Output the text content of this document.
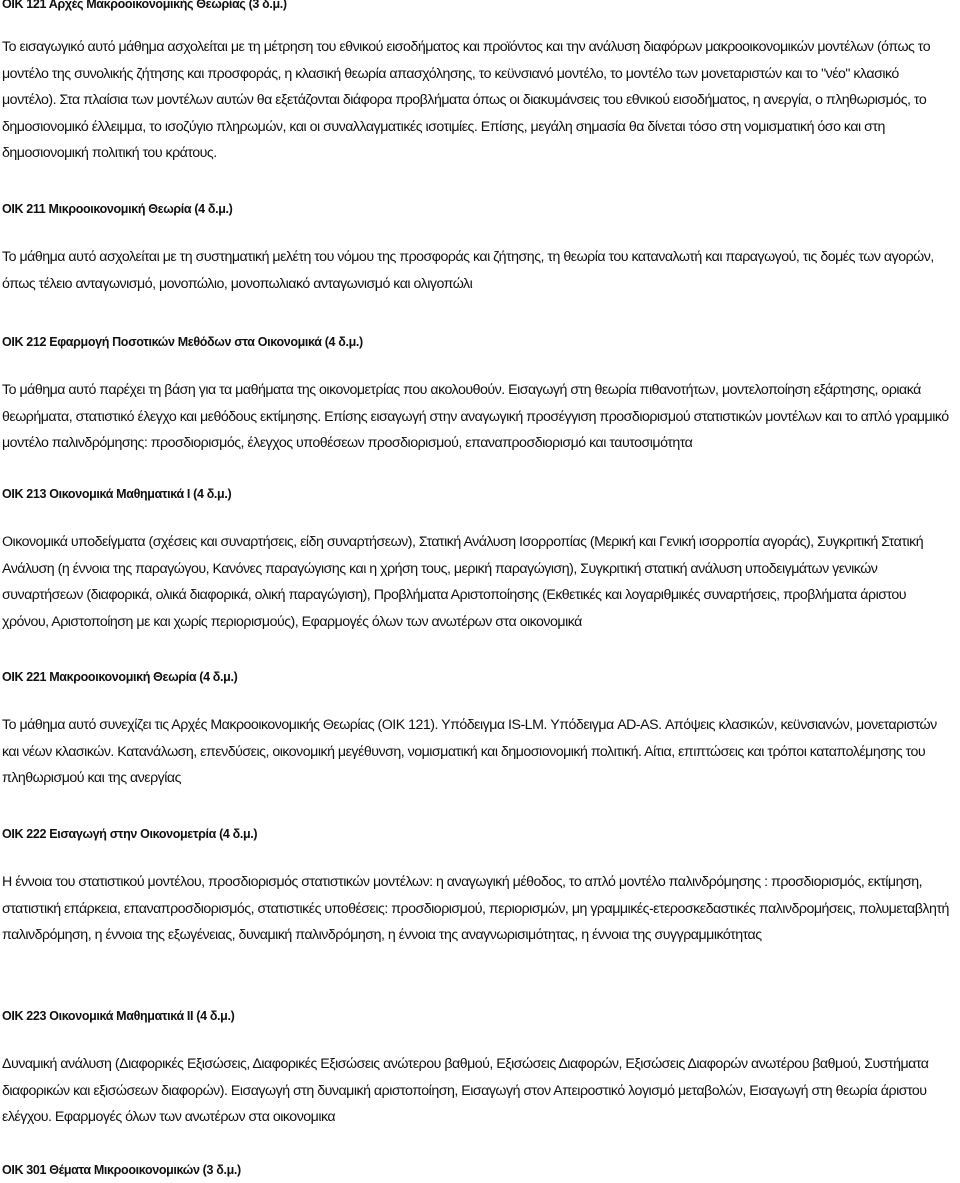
ΟΙΚ 121 Αρχές Μακροοικονομικής Θεωρίας (3 δ.μ.)

Το εισαγωγικό αυτό μάθημα ασχολείται με τη μέτρηση του εθνικού εισοδήματος και προϊόντος και την ανάλυση διαφόρων μακροοικονομικών μοντέλων (όπως το μοντέλο της συνολικής ζήτησης και προσφοράς, η κλασική θεωρία απασχόλησης, το κεϋνσιανό μοντέλο, το μοντέλο των μονεταριστών και το "νέο" κλασικό μοντέλο). Στα πλαίσια των μοντέλων αυτών θα εξετάζονται διάφορα προβλήματα όπως οι διακυμάνσεις του εθνικού εισοδήματος, η ανεργία, ο πληθωρισμός, το δημοσιονομικό έλλειμμα, το ισοζύγιο πληρωμών, και οι συναλλαγματικές ισοτιμίες. Επίσης, μεγάλη σημασία θα δίνεται τόσο στη νομισματική όσο και στη δημοσιονομική πολιτική του κράτους.

ΟΙΚ 211 Μικροοικονομική Θεωρία (4 δ.μ.)

Το μάθημα αυτό ασχολείται με τη συστηματική μελέτη του νόμου της προσφοράς και ζήτησης, τη θεωρία του καταναλωτή και παραγωγού, τις δομές των αγορών, όπως τέλειο ανταγωνισμό, μονοπώλιο, μονοπωλιακό ανταγωνισμό και ολιγοπώλι

ΟΙΚ 212 Εφαρμογή Ποσοτικών Μεθόδων στα Οικονομικά (4 δ.μ.)

Το μάθημα αυτό παρέχει τη βάση για τα μαθήματα της οικονομετρίας που ακολουθούν. Εισαγωγή στη θεωρία πιθανοτήτων, μοντελοποίηση εξάρτησης, οριακά θεωρήματα, στατιστικό έλεγχο και μεθόδους εκτίμησης. Επίσης εισαγωγή στην αναγωγική προσέγγιση προσδιορισμού στατιστικών μοντέλων και το απλό γραμμικό μοντέλο παλινδρόμησης: προσδιορισμός, έλεγχος υποθέσεων προσδιορισμού, επαναπροσδιορισμό και ταυτοσιμότητα

ΟΙΚ 213 Οικονομικά Μαθηματικά Ι (4 δ.μ.)

Οικονομικά υποδείγματα (σχέσεις και συναρτήσεις, είδη συναρτήσεων), Στατική Ανάλυση Ισορροπίας (Μερική και Γενική ισορροπία αγοράς), Συγκριτική Στατική Ανάλυση (η έννοια της παραγώγου, Κανόνες παραγώγισης και η χρήση τους, μερική παραγώγιση), Συγκριτική στατική ανάλυση υποδειγμάτων γενικών συναρτήσεων (διαφορικά, ολικά διαφορικά, ολική παραγώγιση), Προβλήματα Αριστοποίησης (Εκθετικές και λογαριθμικές συναρτήσεις, προβλήματα άριστου χρόνου, Αριστοποίηση με και χωρίς περιορισμούς), Εφαρμογές όλων των ανωτέρων στα οικονομικά

ΟΙΚ 221 Μακροοικονομική Θεωρία (4 δ.μ.)

Το μάθημα αυτό συνεχίζει τις Αρχές Μακροοικονομικής Θεωρίας (ΟΙΚ 121). Υπόδειγμα IS-LM. Υπόδειγμα AD-AS. Απόψεις κλασικών, κεϋνσιανών, μονεταριστών και νέων κλασικών. Κατανάλωση, επενδύσεις, οικονομική μεγέθυνση, νομισματική και δημοσιονομική πολιτική. Αίτια, επιπτώσεις και τρόποι καταπολέμησης του πληθωρισμού και της ανεργίας

ΟΙΚ 222 Εισαγωγή στην Οικονομετρία (4 δ.μ.)

Η έννοια του στατιστικού μοντέλου, προσδιορισμός στατιστικών μοντέλων: η αναγωγική μέθοδος, το απλό μοντέλο παλινδρόμησης : προσδιορισμός, εκτίμηση, στατιστική επάρκεια, επαναπροσδιορισμός, στατιστικές υποθέσεις: προσδιορισμού, περιορισμών, μη γραμμικές-ετεροσκεδαστικές παλινδρομήσεις, πολυμεταβλητή παλινδρόμηση, η έννοια της εξωγένειας, δυναμική παλινδρόμηση, η έννοια της αναγνωρισιμότητας, η έννοια της συγγραμμικότητας

ΟΙΚ 223 Οικονομικά Μαθηματικά ΙΙ (4 δ.μ.)

Δυναμική ανάλυση (Διαφορικές Εξισώσεις, Διαφορικές Εξισώσεις ανώτερου βαθμού, Εξισώσεις Διαφορών, Εξισώσεις Διαφορών ανωτέρου βαθμού, Συστήματα διαφορικών και εξισώσεων διαφορών). Εισαγωγή στη δυναμική αριστοποίηση, Εισαγωγή στον Απειροστικό λογισμό μεταβολών, Εισαγωγή στη θεωρία άριστου ελέγχου. Εφαρμογές όλων των ανωτέρων στα οικονομικα

ΟΙΚ 301 Θέματα Μικροοικονομικών (3 δ.μ.)
